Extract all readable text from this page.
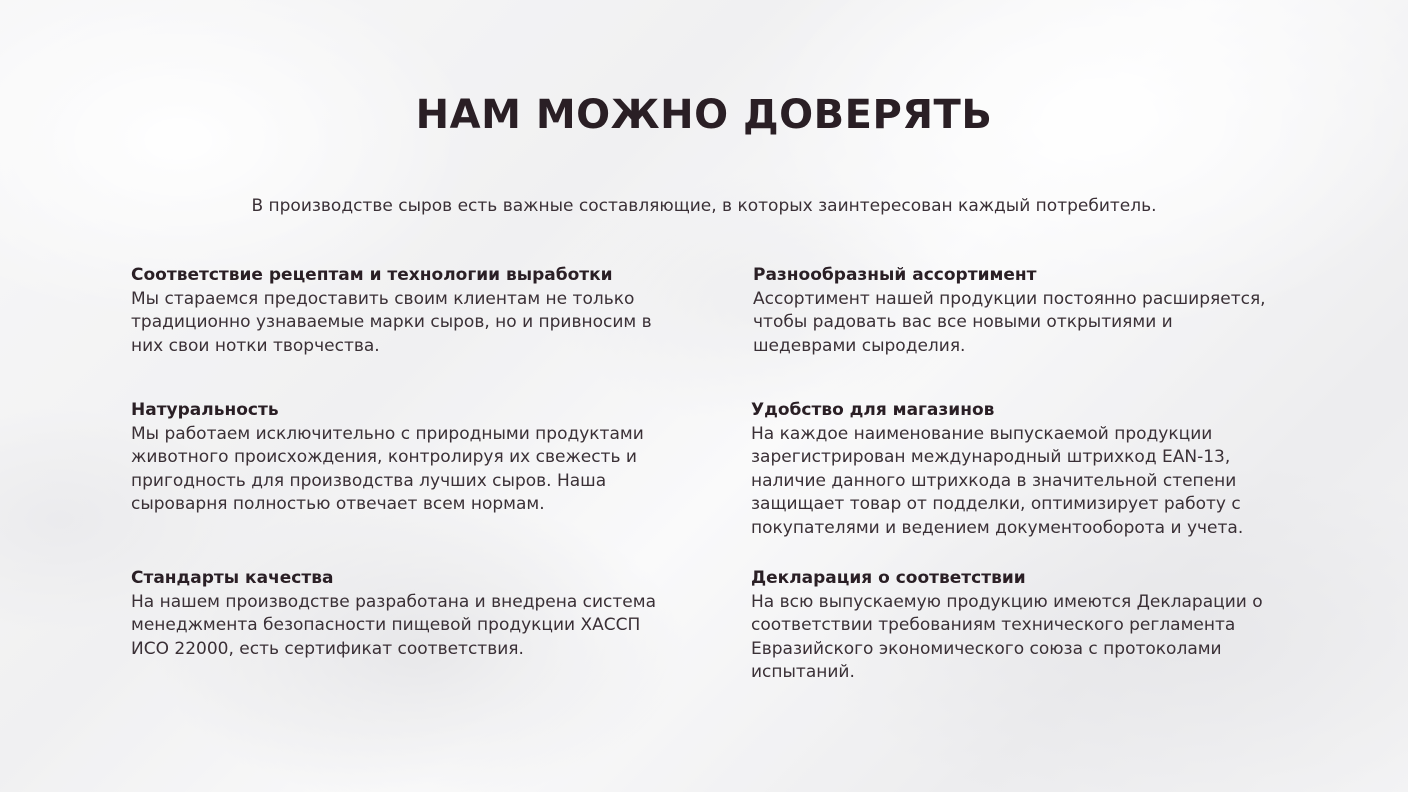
НАМ МОЖНО ДОВЕРЯТЬ

В производстве сыров есть важные составляющие, в которых заинтересован каждый потребитель.

Соответствие рецептам и технологии выработки
Мы стараемся предоставить своим клиентам не только традиционно узнаваемые марки сыров, но и привносим в них свои нотки творчества.
Разнообразный ассортимент
Ассортимент нашей продукции постоянно расширяется, чтобы радовать вас все новыми открытиями и шедеврами сыроделия.
Натуральность
Мы работаем исключительно с природными продуктами животного происхождения, контролируя их свежесть и пригодность для производства лучших сыров. Наша сыроварня полностью отвечает всем нормам.
Удобство для магазинов
На каждое наименование выпускаемой продукции зарегистрирован международный штрихкод EAN-13, наличие данного штрихкода в значительной степени защищает товар от подделки, оптимизирует работу с покупателями и ведением документооборота и учета.
Стандарты качества
На нашем производстве разработана и внедрена система менеджмента безопасности пищевой продукции ХАССП ИСО 22000, есть сертификат соответствия.
Декларация о соответствии
На всю выпускаемую продукцию имеются Декларации о соответствии требованиям технического регламента Евразийского экономического союза с протоколами испытаний.
